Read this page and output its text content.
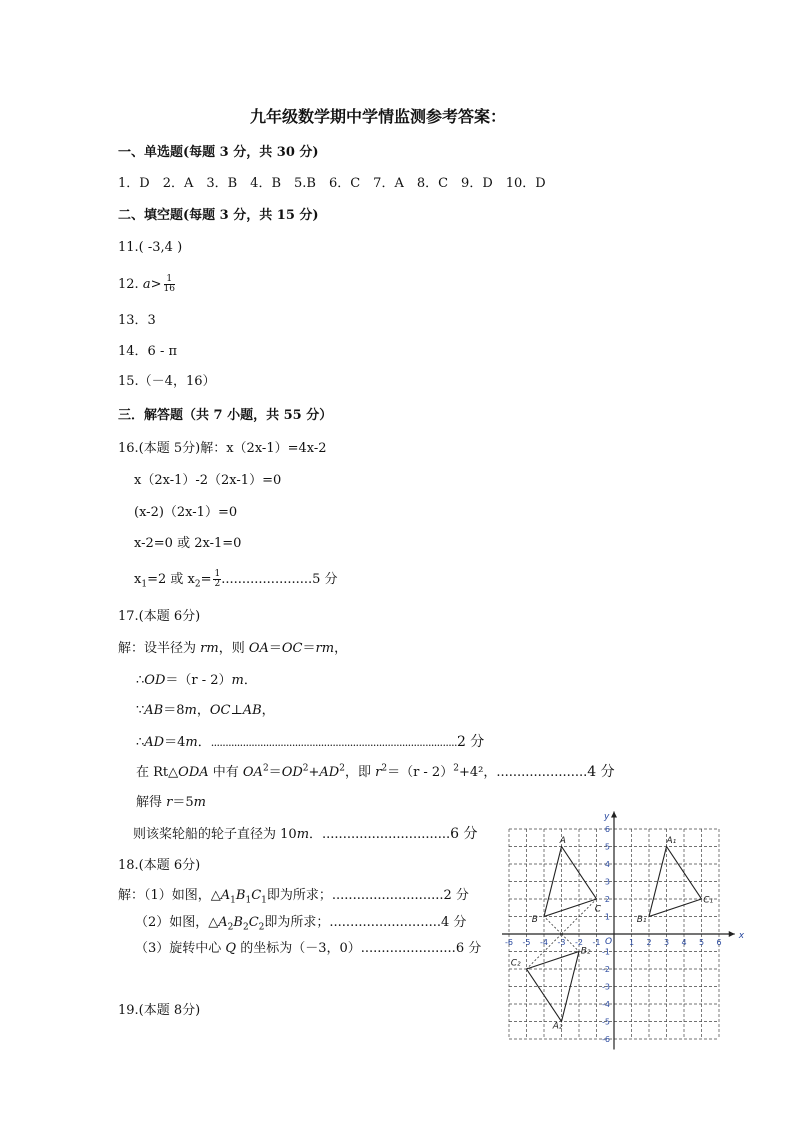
九年级数学期中学情监测参考答案：
一、单选题(每题 3 分，共 30 分)
1．D　2．A　3．B　4．B　5.B　6．C　7．A　8．C　9．D　10．D
二、填空题(每题 3 分，共 15 分)
11.( -3,4 )
12. $a> \frac{1}{16}$
13．3
14．6 - π
15.（－4，16）
三．解答题（共 7 小题，共 55 分）
16.(本题 5分)解：x（2x-1）=4x-2
x（2x-1）-2（2x-1）=0
(x-2)（2x-1）=0
x-2=0 或 2x-1=0
$x_1=2$ 或 $x_2= \frac{1}{2} ......................5$ 分
17.(本题 6分)
解：设半径为 rm，则 OA＝OC＝rm，
∴OD＝（r - 2）m．
∵AB＝8m，OC⊥AB，
∴AD＝4m．.....................................................................................2 分
在 Rt△ODA 中有 $OA^2=OD^2+AD^2$，即 $r^2=(r - 2)^2+4^2$，......................4 分
解得 r＝5m
则该桨轮船的轮子直径为 10m．...............................6 分
18.(本题 6分)
解：（1）如图，$\triangle A_1B_1C_1$即为所求；...........................2 分
（2）如图，$\triangle A_2B_2C_2$即为所求；...........................4 分
（3）旋转中心 Q 的坐标为（－3，0）.......................6 分
19.(本题 8分)
x
y
O
-6 -5 -4 -3 -2 -1	1 2 3 4 5 6
6
5
4
3
2
1
-1
-2
-3
-4
-5
-6
A
B
C
A₁
B₁
C₁
A₂
B₂
C₂
